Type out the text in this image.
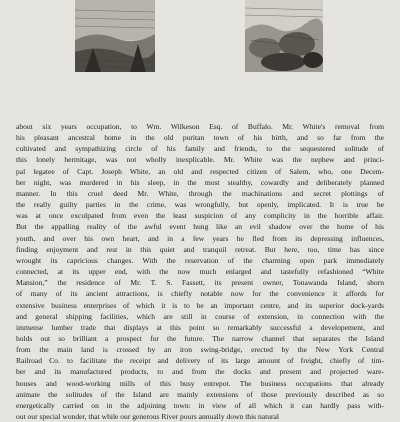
about six years occupation, to Wm. Wilkeson Esq. of Buffalo. Mr. White's removal from
his pleasant ancestral home in the old puritan town of his birth, and so far from the
cultivated and sympathizing circle of his family and friends, to the sequestered solitude of
this lonely hermitage, was not wholly inexplicable. Mr. White was the nephew and princi-
pal legatee of Capt. Joseph White, an old and respected citizen of Salem, who, one Decem-
ber night, was murdered in his sleep, in the most stealthy, cowardly and deliberately planned
manner. In this cruel deed Mr. White, through the machinations and secret plottings of
the really guilty parties in the crime, was wrongfully, but openly, implicated. It is true he
was at once exculpated from even the least suspicion of any complicity in the horrible affair.
But the appalling reality of the awful event hung like an evil shadow over the home of his
youth, and over his own heart, and in a few years he fled from its depressing influences,
finding enjoyment and rest in this quiet and tranquil retreat. But here, too, time has since
wrought its capricious changes. With the reservation of the charming open park immediately
connected, at its upper end, with the now much enlarged and tastefully refashioned “White
Mansion,” the residence of Mr. T. S. Fassett, its present owner, Tonawanda Island, shorn
of many of its ancient attractions, is chiefly notable now for the convenience it affords for
extensive business enterprises of which it is to be an important centre, and its superior dock-yards
and general shipping facilities, which are still in course of extension, in connection with the
immense lumber trade that displays at this point so remarkably successful a developement, and
holds out so brilliant a prospect for the future. The narrow channel that separates the Island
from the main land is crossed by an iron swing-bridge, erected by the New York Central
Railroad Co. to facilitate the receipt and delivery of its large amount of freight, chiefly of tim-
ber and its manufactured products, to and from the docks and present and projected ware-
houses and wood-working mills of this busy entrepot. The business occupations that already
animate the solitudes of the Island are mainly extensions of those previously described as so
energetically carried on in the adjoining town: in view of all which it can hardly pass with-
out our special wonder, that while our generous River pours annually down this natural
